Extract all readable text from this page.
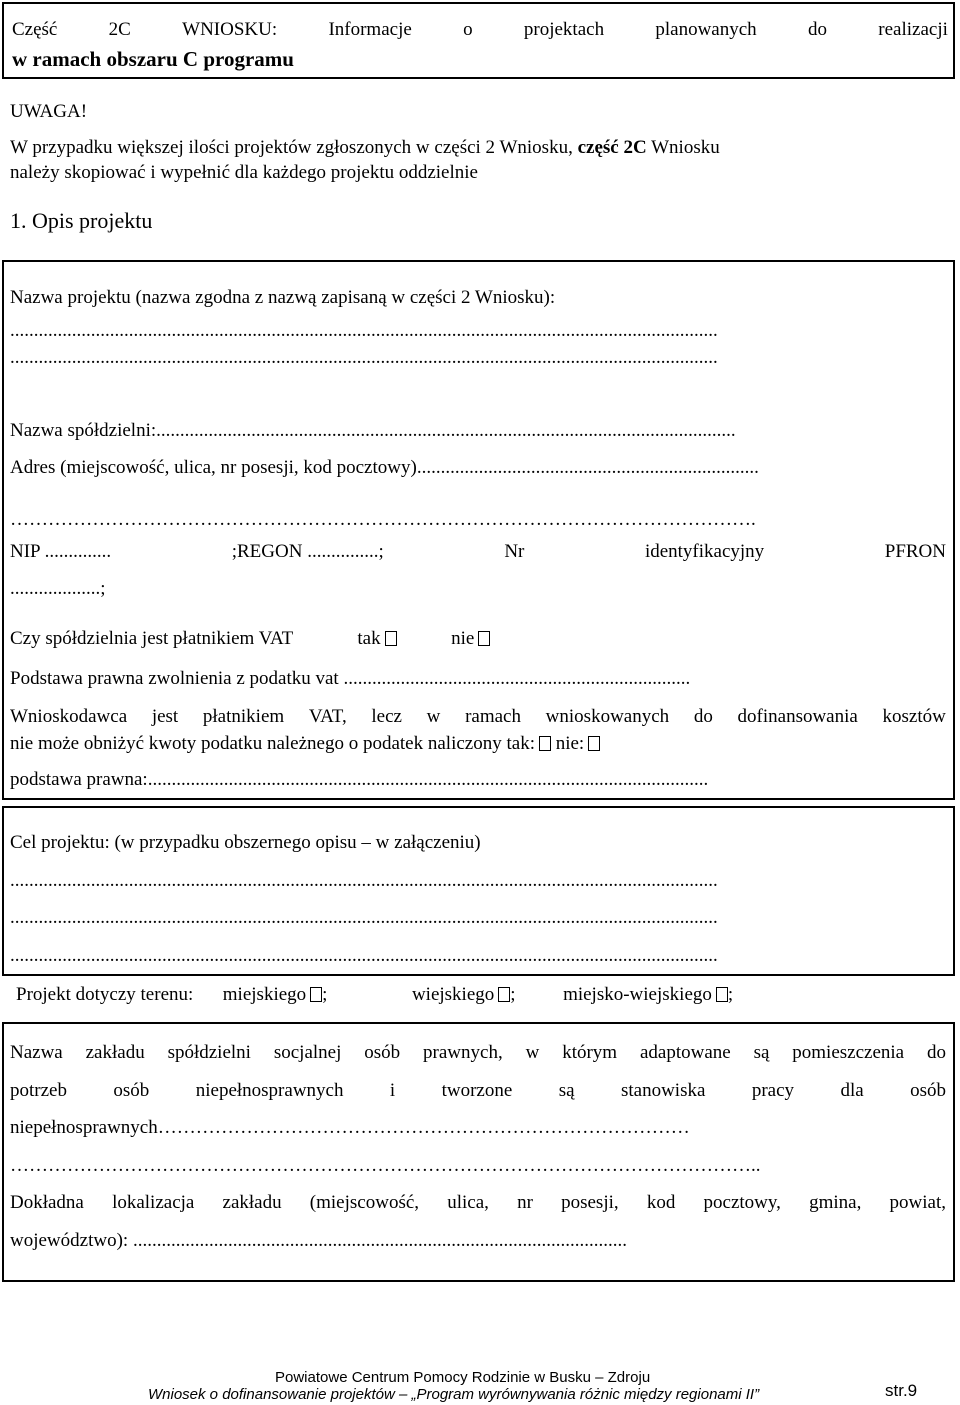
Część	2C	WNIOSKU:	Informacje	o	projektach	planowanych	do	realizacji
w ramach obszaru C programu
UWAGA!
W przypadku większej ilości projektów zgłoszonych w części 2 Wniosku, część 2C Wniosku
należy skopiować i wypełnić dla każdego projektu oddzielnie
1. Opis projektu
Nazwa projektu (nazwa zgodna z nazwą zapisaną w części 2 Wniosku):
.....................................................................................................................................................
.....................................................................................................................................................
Nazwa spółdzielni:..........................................................................................................................
Adres (miejscowość, ulica, nr posesji, kod pocztowy)........................................................................
……………………………………………………………………………………………………….
NIP ..............	;REGON ...............;	Nr	identyfikacyjny	PFRON
...................;
Czy spółdzielnia jest płatnikiem VAT	tak	nie
Podstawa prawna zwolnienia z podatku vat .........................................................................
Wnioskodawca jest płatnikiem VAT, lecz w ramach wnioskowanych do dofinansowania kosztów
nie może obniżyć kwoty podatku należnego o podatek naliczony tak: nie:
podstawa prawna:......................................................................................................................
Cel projektu: (w przypadku obszernego opisu – w załączeniu)
.....................................................................................................................................................
.....................................................................................................................................................
.....................................................................................................................................................
Projekt dotyczy terenu: miejskiego ;	wiejskiego ;	miejsko-wiejskiego ;
Nazwa zakładu spółdzielni socjalnej osób prawnych, w którym adaptowane są pomieszczenia do
potrzeb osób niepełnosprawnych i tworzone są stanowiska pracy dla osób
niepełnosprawnych…………………………………………………………………………
………………………………………………………………………………………………………..
Dokładna lokalizacja zakładu (miejscowość, ulica, nr posesji, kod pocztowy, gmina, powiat,
województwo): ........................................................................................................
Powiatowe Centrum Pomocy Rodzinie w Busku – Zdroju
Wniosek o dofinansowanie projektów – „Program wyrównywania różnic między regionami II”	str.9
